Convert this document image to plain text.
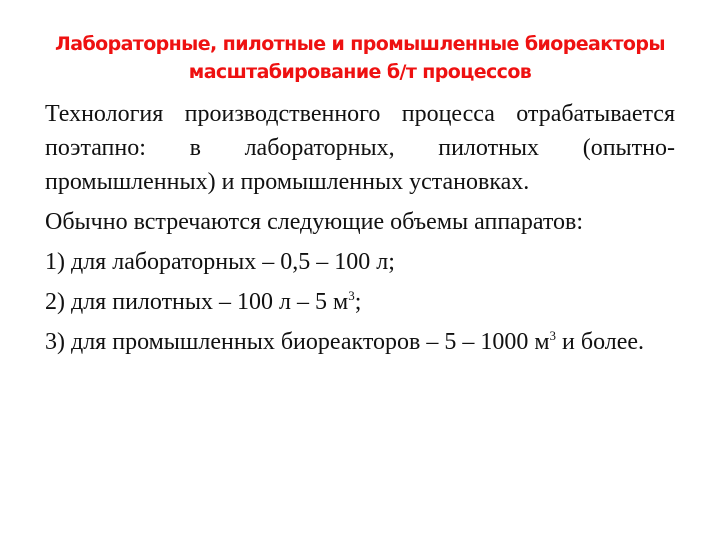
Лабораторные, пилотные и промышленные биореакторы
масштабирование б/т процессов

Технология производственного процесса отрабатывается поэтапно: в лабораторных, пилотных (опытно-промышленных) и промышленных установках.

Обычно встречаются следующие объемы аппаратов:

1) для лабораторных – 0,5 – 100 л;

2) для пилотных – 100 л – 5 $м^3$;

3) для промышленных биореакторов – 5 – 1000 $м^3$ и более.
